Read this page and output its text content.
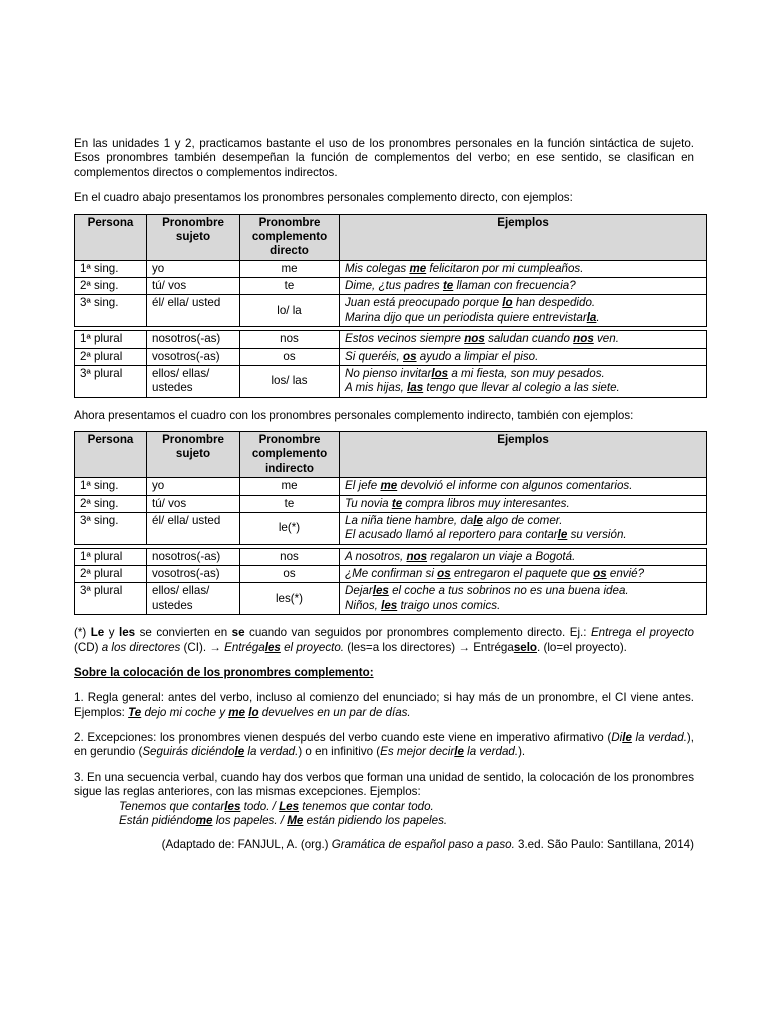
En las unidades 1 y 2, practicamos bastante el uso de los pronombres personales en la función sintáctica de sujeto. Esos pronombres también desempeñan la función de complementos del verbo; en ese sentido, se clasifican en complementos directos o complementos indirectos.

En el cuadro abajo presentamos los pronombres personales complemento directo, con ejemplos:

Persona	Pronombre sujeto	Pronombre complemento directo	Ejemplos
1ª sing.	yo	me	Mis colegas me felicitaron por mi cumpleaños.

2ª sing.	tú/ vos	te	Dime, ¿tus padres te llaman con frecuencia?

3ª sing.	él/ ella/ usted	lo/ la	Juan está preocupado porque lo han despedido.
Marina dijo que un periodista quiere entrevistarla.

1ª plural	nosotros(-as)	nos	Estos vecinos siempre nos saludan cuando nos ven.

2ª plural	vosotros(-as)	os	Si queréis, os ayudo a limpiar el piso.

3ª plural	ellos/ ellas/ ustedes	los/ las	No pienso invitarlos a mi fiesta, son muy pesados.
A mis hijas, las tengo que llevar al colegio a las siete.

Ahora presentamos el cuadro con los pronombres personales complemento indirecto, también con ejemplos:

Persona	Pronombre sujeto	Pronombre complemento indirecto	Ejemplos
1ª sing.	yo	me	El jefe me devolvió el informe con algunos comentarios.

2ª sing.	tú/ vos	te	Tu novia te compra libros muy interesantes.

3ª sing.	él/ ella/ usted	le(*)	La niña tiene hambre, dale algo de comer.
El acusado llamó al reportero para contarle su versión.

1ª plural	nosotros(-as)	nos	A nosotros, nos regalaron un viaje a Bogotá.

2ª plural	vosotros(-as)	os	¿Me confirman si os entregaron el paquete que os envié?

3ª plural	ellos/ ellas/ ustedes	les(*)	Dejarles el coche a tus sobrinos no es una buena idea.
Niños, les traigo unos comics.

(*) Le y les se convierten en se cuando van seguidos por pronombres complemento directo. Ej.: Entrega el proyecto (CD) a los directores (CI). → Entrégales el proyecto. (les=a los directores) → Entrégaselo. (lo=el proyecto).

Sobre la colocación de los pronombres complemento:

1. Regla general: antes del verbo, incluso al comienzo del enunciado; si hay más de un pronombre, el CI viene antes. Ejemplos: Te dejo mi coche y me lo devuelves en un par de días.

2. Excepciones: los pronombres vienen después del verbo cuando este viene en imperativo afirmativo (Dile la verdad.), en gerundio (Seguirás diciéndole la verdad.) o en infinitivo (Es mejor decirle la verdad.).

3. En una secuencia verbal, cuando hay dos verbos que forman una unidad de sentido, la colocación de los pronombres sigue las reglas anteriores, con las mismas excepciones. Ejemplos:

Tenemos que contarles todo. / Les tenemos que contar todo.
Están pidiéndome los papeles. / Me están pidiendo los papeles.

(Adaptado de: FANJUL, A. (org.) Gramática de español paso a paso. 3.ed. São Paulo: Santillana, 2014)
